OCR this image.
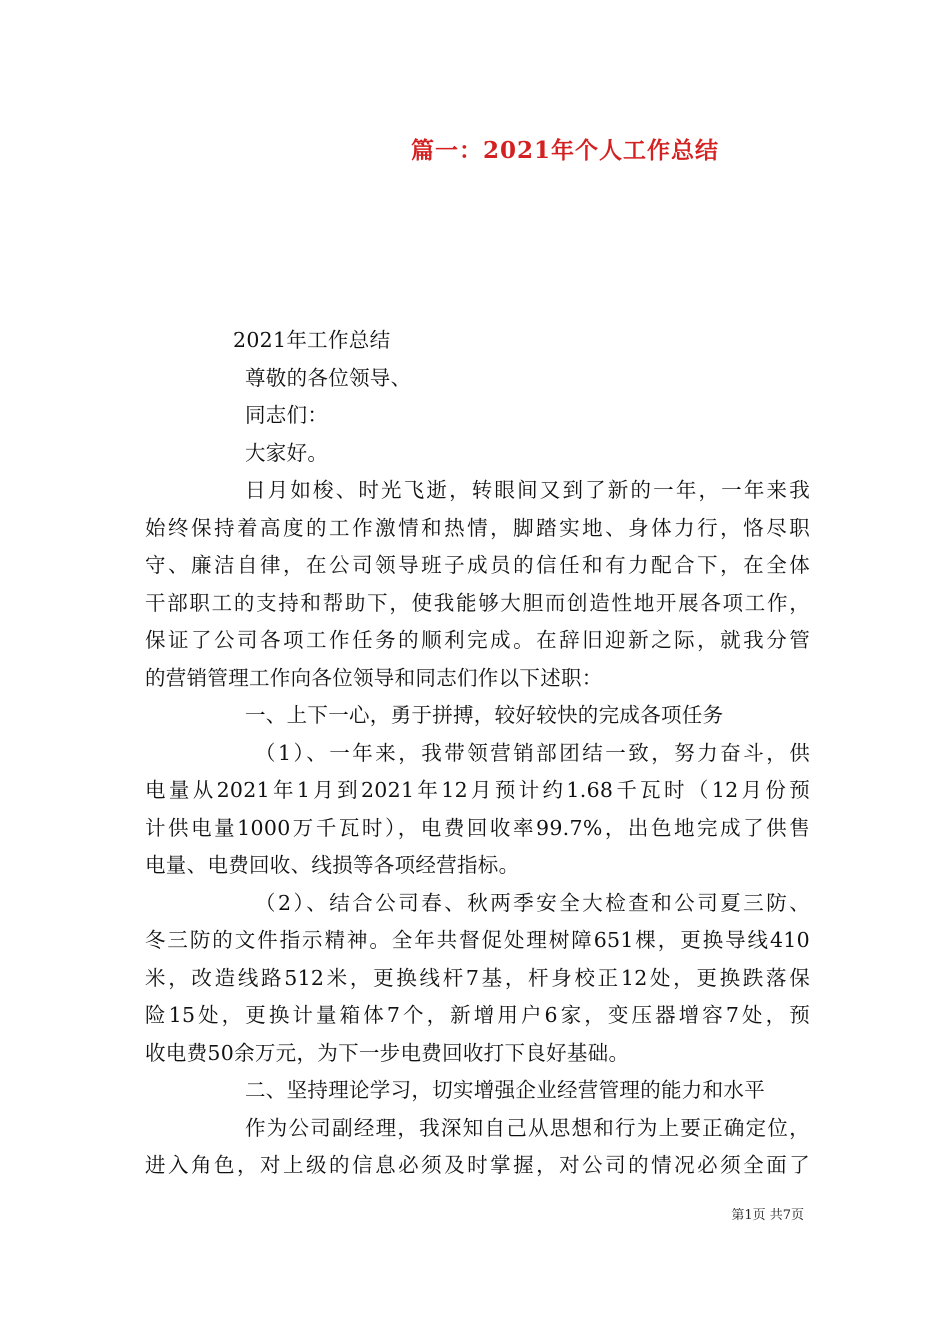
篇一：2021年个人工作总结
2021年工作总结
尊敬的各位领导、
同志们：
大家好。
日月如梭、时光飞逝，转眼间又到了新的一年，一年来我
始终保持着高度的工作激情和热情，脚踏实地、身体力行，恪尽职
守、廉洁自律，在公司领导班子成员的信任和有力配合下，在全体
干部职工的支持和帮助下，使我能够大胆而创造性地开展各项工作，
保证了公司各项工作任务的顺利完成。在辞旧迎新之际，就我分管
的营销管理工作向各位领导和同志们作以下述职：
一、上下一心，勇于拼搏，较好较快的完成各项任务
（1）、一年来，我带领营销部团结一致，努力奋斗，供
电量从2021年1月到2021年12月预计约1.68千瓦时（12月份预
计供电量1000万千瓦时），电费回收率99.7%，出色地完成了供售
电量、电费回收、线损等各项经营指标。
（2）、结合公司春、秋两季安全大检查和公司夏三防、
冬三防的文件指示精神。全年共督促处理树障651棵，更换导线410
米，改造线路512米，更换线杆7基，杆身校正12处，更换跌落保
险15处，更换计量箱体7个，新增用户6家，变压器增容7处，预
收电费50余万元，为下一步电费回收打下良好基础。
二、坚持理论学习，切实增强企业经营管理的能力和水平
作为公司副经理，我深知自己从思想和行为上要正确定位，
进入角色，对上级的信息必须及时掌握，对公司的情况必须全面了
第1页 共7页
